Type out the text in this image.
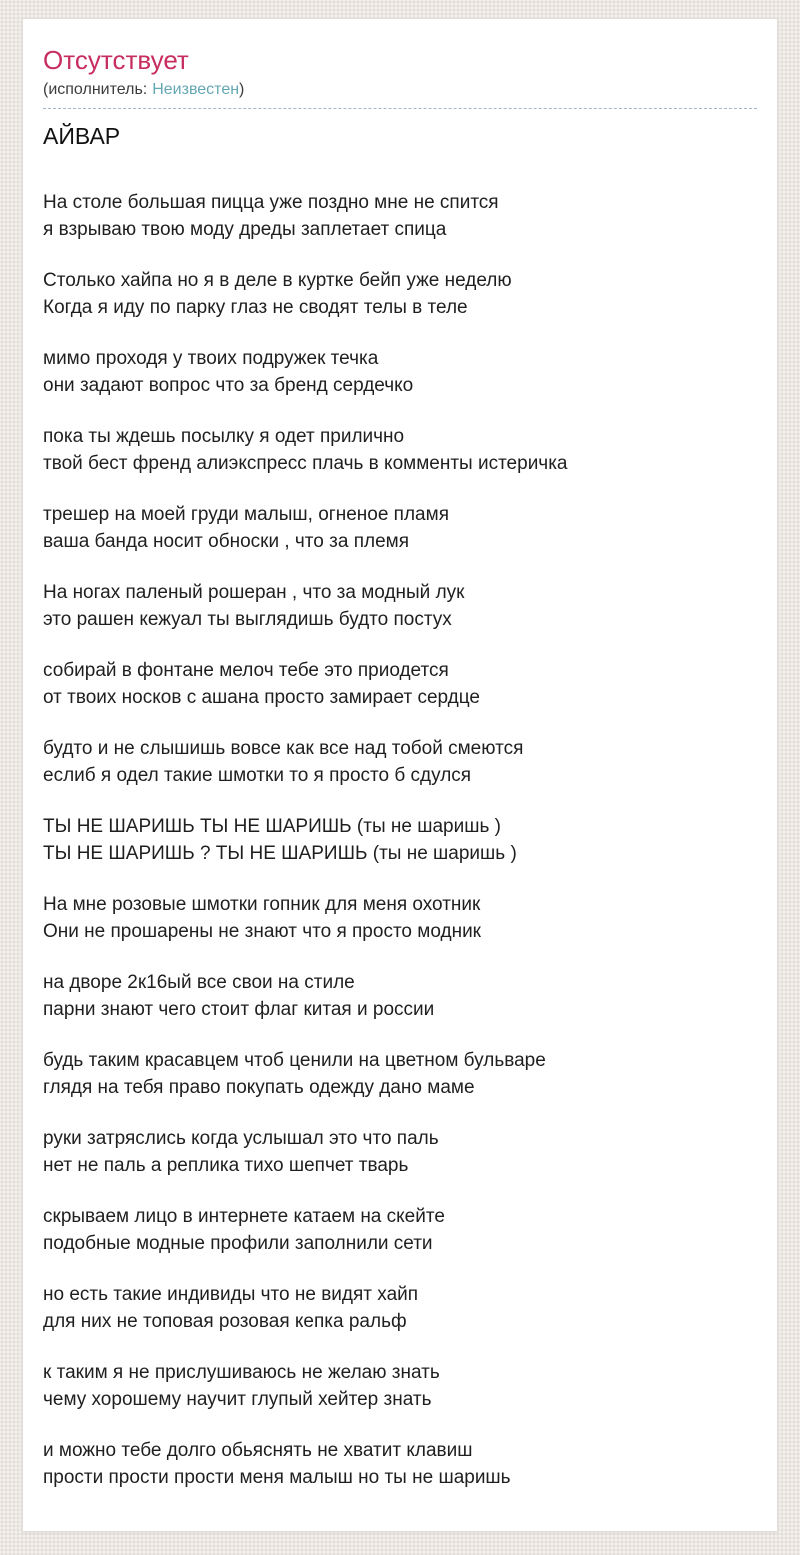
Отсутствует
(исполнитель: Неизвестен)
АЙВАР

На столе большая пицца уже поздно мне не спится
я взрываю твою моду дреды заплетает спица

Столько хайпа но я в деле в куртке бейп уже неделю
Когда я иду по парку глаз не сводят телы в теле

мимо проходя у твоих подружек течка
они задают вопрос что за бренд сердечко

пока ты ждешь посылку я одет прилично
твой бест френд алиэкспресс плачь в комменты истеричка

трешер на моей груди малыш, огненое пламя
ваша банда носит обноски , что за племя

На ногах паленый рошеран , что за модный лук
это рашен кежуал ты выглядишь будто постух

собирай в фонтане мелоч тебе это приодется
от твоих носков с ашана просто замирает сердце

будто и не слышишь вовсе как все над тобой смеются
еслиб я одел такие шмотки то я просто б сдулся

ТЫ НЕ ШАРИШЬ ТЫ НЕ ШАРИШЬ (ты не шаришь )
ТЫ НЕ ШАРИШЬ ? ТЫ НЕ ШАРИШЬ (ты не шаришь )

На мне розовые шмотки гопник для меня охотник
Они не прошарены не знают что я просто модник

на дворе 2к16ый все свои на стиле
парни знают чего стоит флаг китая и россии

будь таким красавцем чтоб ценили на цветном бульваре
глядя на тебя право покупать одежду дано маме

руки затряслись когда услышал это что паль
нет не паль а реплика тихо шепчет тварь

скрываем лицо в интернете катаем на скейте
подобные модные профили заполнили сети

но есть такие индивиды что не видят хайп
для них не топовая розовая кепка ральф

к таким я не прислушиваюсь не желаю знать
чему хорошему научит глупый хейтер знать

и можно тебе долго обьяснять не хватит клавиш
прости прости прости меня малыш но ты не шаришь
